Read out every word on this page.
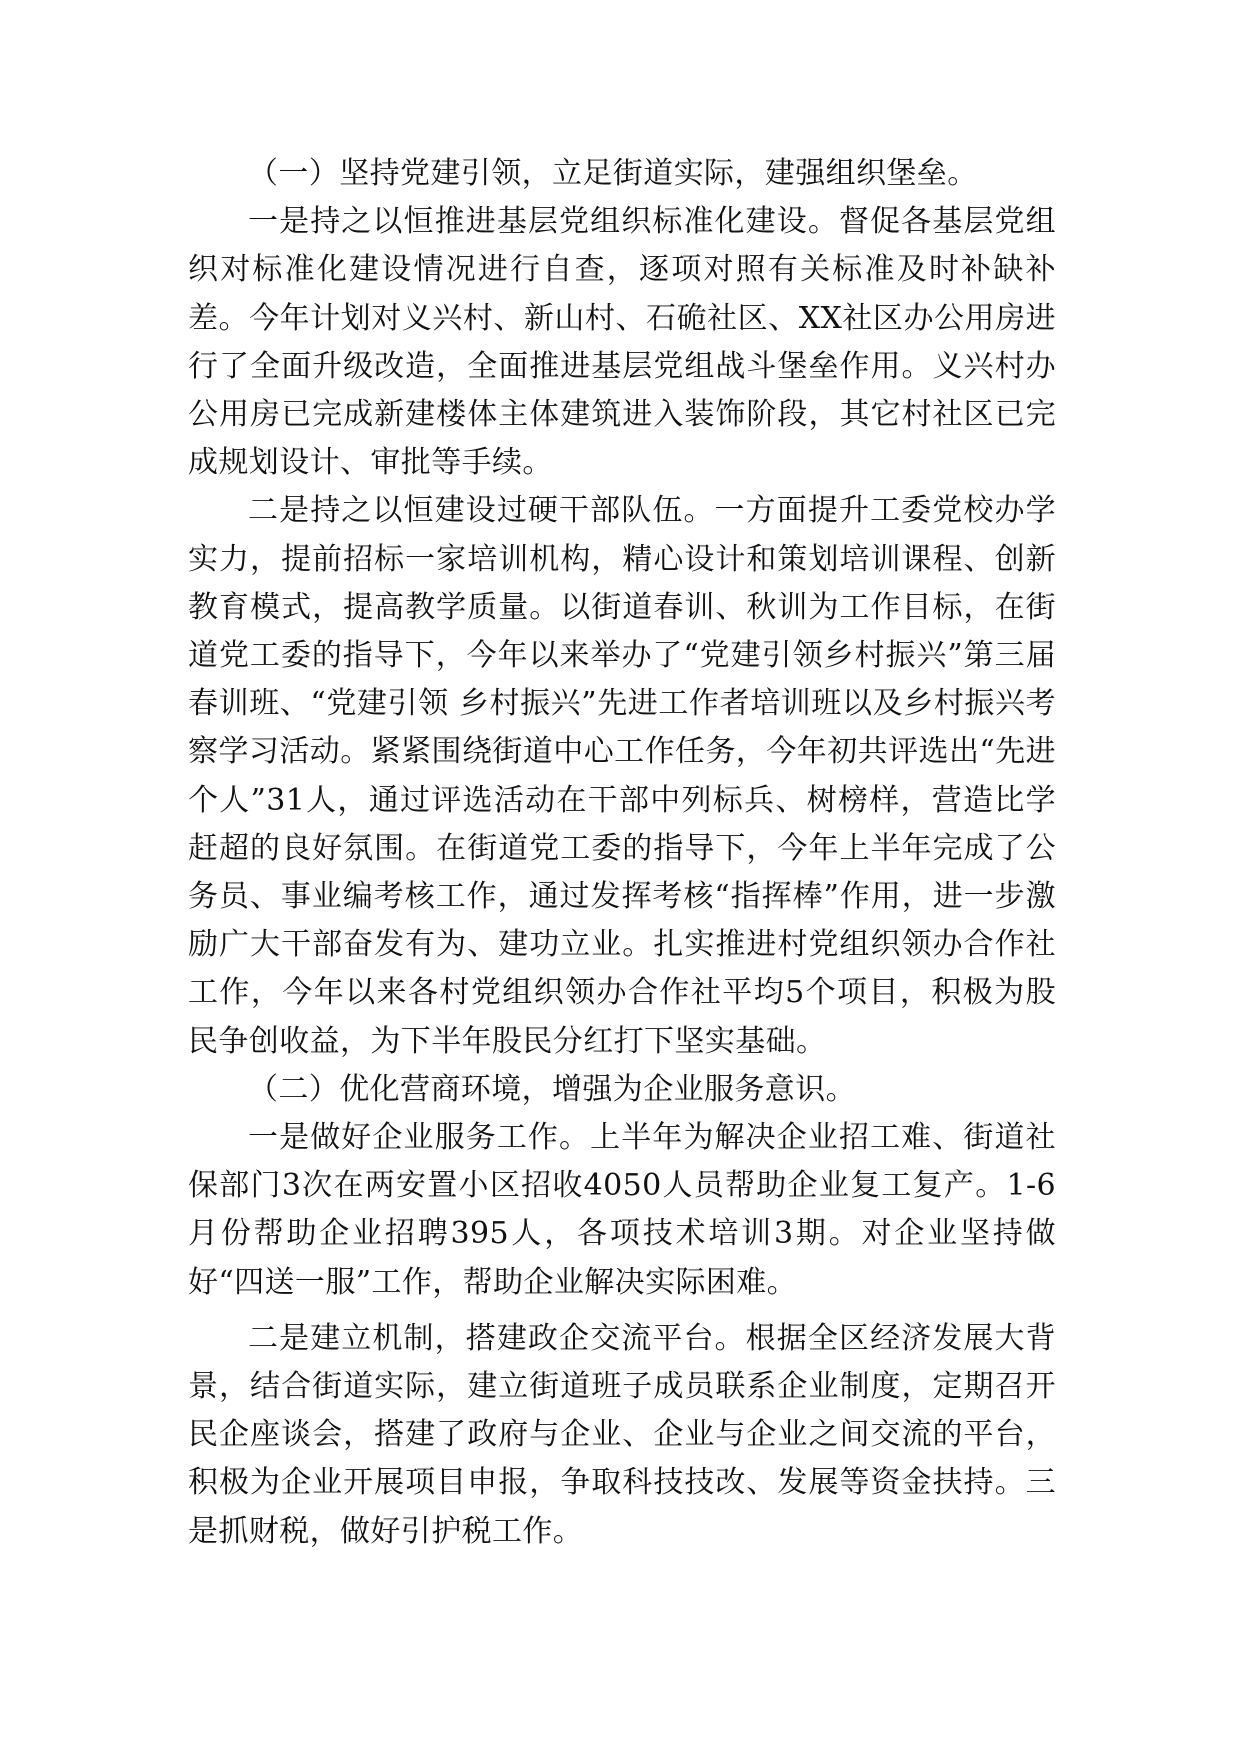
（一）坚持党建引领，立足街道实际，建强组织堡垒。

一是持之以恒推进基层党组织标准化建设。督促各基层党组织对标准化建设情况进行自查，逐项对照有关标准及时补缺补差。今年计划对义兴村、新山村、石硊社区、XX社区办公用房进行了全面升级改造，全面推进基层党组战斗堡垒作用。义兴村办公用房已完成新建楼体主体建筑进入装饰阶段，其它村社区已完成规划设计、审批等手续。

二是持之以恒建设过硬干部队伍。一方面提升工委党校办学实力，提前招标一家培训机构，精心设计和策划培训课程、创新教育模式，提高教学质量。以街道春训、秋训为工作目标，在街道党工委的指导下，今年以来举办了“党建引领乡村振兴”第三届春训班、“党建引领 乡村振兴”先进工作者培训班以及乡村振兴考察学习活动。紧紧围绕街道中心工作任务，今年初共评选出“先进个人”31人，通过评选活动在干部中列标兵、树榜样，营造比学赶超的良好氛围。在街道党工委的指导下，今年上半年完成了公务员、事业编考核工作，通过发挥考核“指挥棒”作用，进一步激励广大干部奋发有为、建功立业。扎实推进村党组织领办合作社工作，今年以来各村党组织领办合作社平均5个项目，积极为股民争创收益，为下半年股民分红打下坚实基础。

（二）优化营商环境，增强为企业服务意识。

一是做好企业服务工作。上半年为解决企业招工难、街道社保部门3次在两安置小区招收4050人员帮助企业复工复产。1-6月份帮助企业招聘395人，各项技术培训3期。对企业坚持做好“四送一服”工作，帮助企业解决实际困难。

二是建立机制，搭建政企交流平台。根据全区经济发展大背景，结合街道实际，建立街道班子成员联系企业制度，定期召开民企座谈会，搭建了政府与企业、企业与企业之间交流的平台，积极为企业开展项目申报，争取科技技改、发展等资金扶持。三是抓财税，做好引护税工作。
